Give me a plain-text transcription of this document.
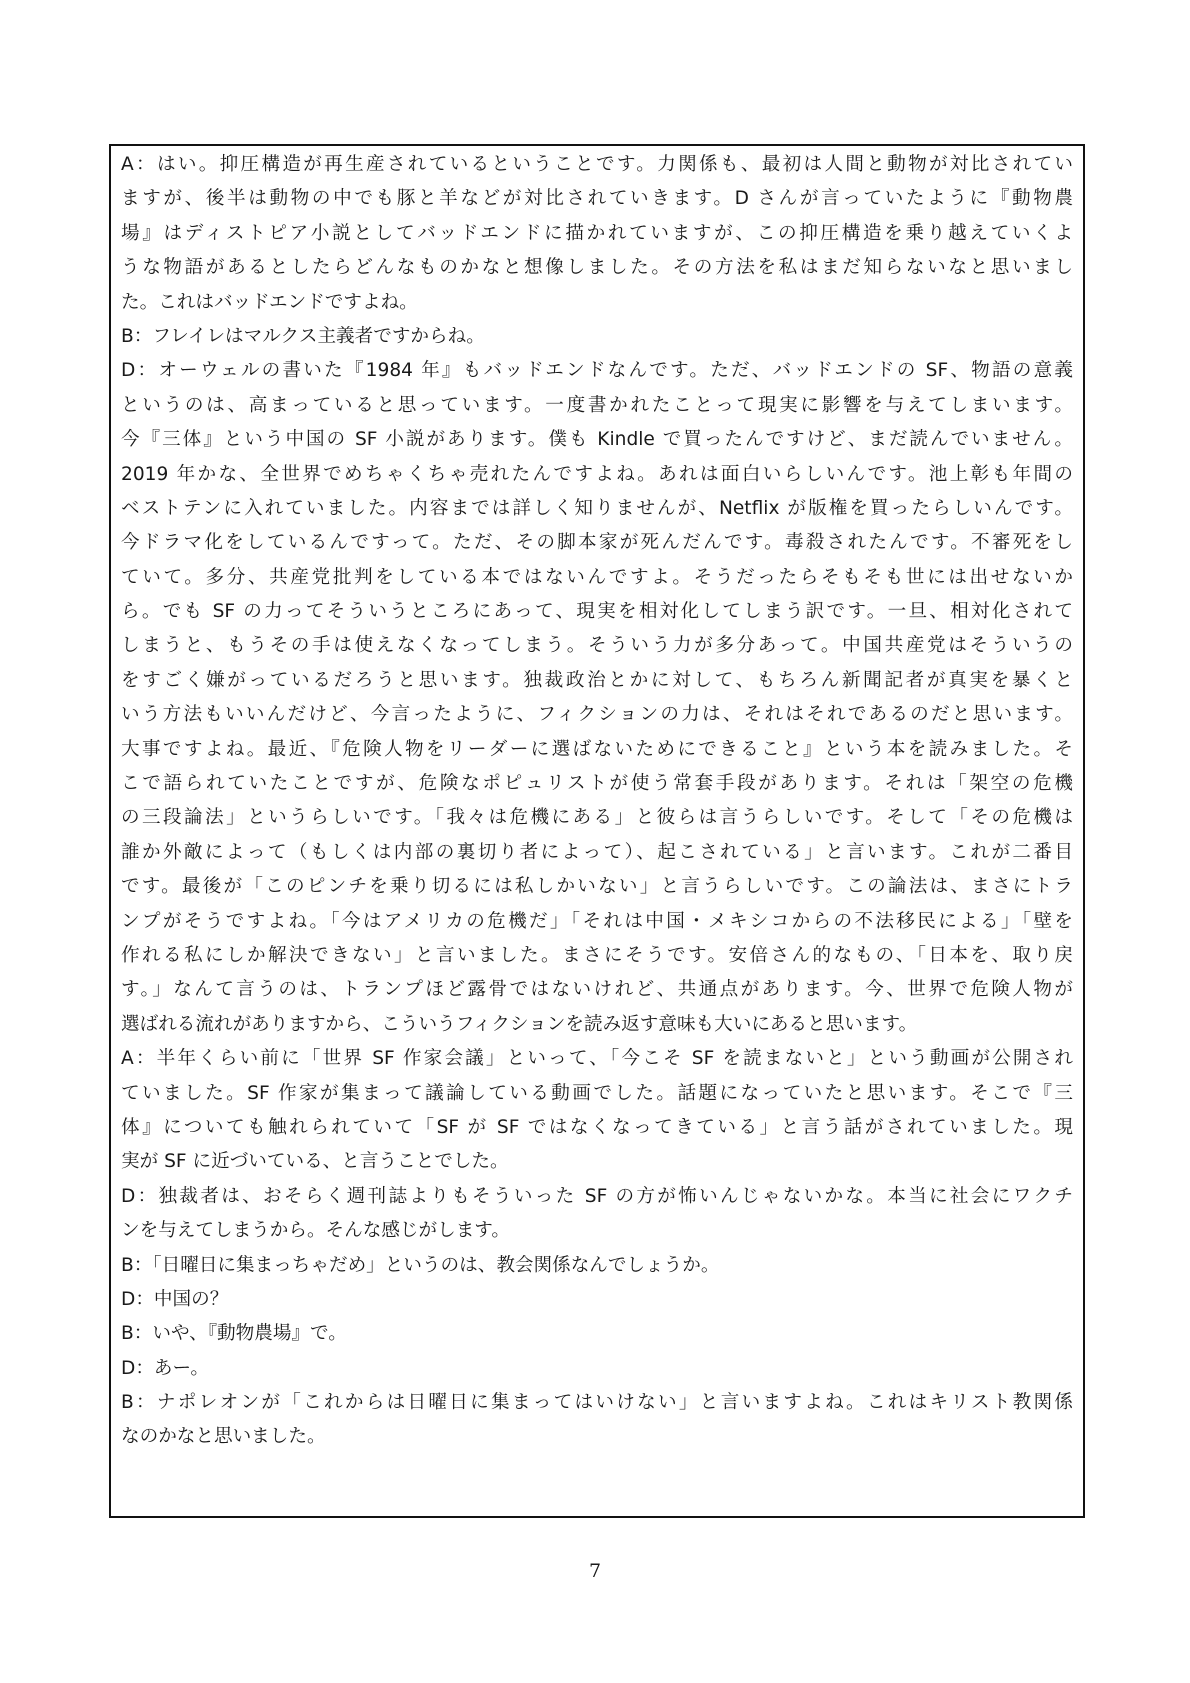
A：はい。抑圧構造が再生産されているということです。力関係も、最初は人間と動物が対比されてい
ますが、後半は動物の中でも豚と羊などが対比されていきます。D さんが言っていたように『動物農
場』はディストピア小説としてバッドエンドに描かれていますが、この抑圧構造を乗り越えていくよ
うな物語があるとしたらどんなものかなと想像しました。その方法を私はまだ知らないなと思いまし
た。これはバッドエンドですよね。
B：フレイレはマルクス主義者ですからね。
D：オーウェルの書いた『1984 年』もバッドエンドなんです。ただ、バッドエンドの SF、物語の意義
というのは、高まっていると思っています。一度書かれたことって現実に影響を与えてしまいます。
今『三体』という中国の SF 小説があります。僕も Kindle で買ったんですけど、まだ読んでいません。
2019 年かな、全世界でめちゃくちゃ売れたんですよね。あれは面白いらしいんです。池上彰も年間の
ベストテンに入れていました。内容までは詳しく知りませんが、Netflix が版権を買ったらしいんです。
今ドラマ化をしているんですって。ただ、その脚本家が死んだんです。毒殺されたんです。不審死をし
ていて。多分、共産党批判をしている本ではないんですよ。そうだったらそもそも世には出せないか
ら。でも SF の力ってそういうところにあって、現実を相対化してしまう訳です。一旦、相対化されて
しまうと、もうその手は使えなくなってしまう。そういう力が多分あって。中国共産党はそういうの
をすごく嫌がっているだろうと思います。独裁政治とかに対して、もちろん新聞記者が真実を暴くと
いう方法もいいんだけど、今言ったように、フィクションの力は、それはそれであるのだと思います。
大事ですよね。最近、『危険人物をリーダーに選ばないためにできること』という本を読みました。そ
こで語られていたことですが、危険なポピュリストが使う常套手段があります。それは「架空の危機
の三段論法」というらしいです。「我々は危機にある」と彼らは言うらしいです。そして「その危機は
誰か外敵によって（もしくは内部の裏切り者によって）、起こされている」と言います。これが二番目
です。最後が「このピンチを乗り切るには私しかいない」と言うらしいです。この論法は、まさにトラ
ンプがそうですよね。「今はアメリカの危機だ」「それは中国・メキシコからの不法移民による」「壁を
作れる私にしか解決できない」と言いました。まさにそうです。安倍さん的なもの、「日本を、取り戻
す。」なんて言うのは、トランプほど露骨ではないけれど、共通点があります。今、世界で危険人物が
選ばれる流れがありますから、こういうフィクションを読み返す意味も大いにあると思います。
A：半年くらい前に「世界 SF 作家会議」といって、「今こそ SF を読まないと」という動画が公開され
ていました。SF 作家が集まって議論している動画でした。話題になっていたと思います。そこで『三
体』についても触れられていて「SF が SF ではなくなってきている」と言う話がされていました。現
実が SF に近づいている、と言うことでした。
D：独裁者は、おそらく週刊誌よりもそういった SF の方が怖いんじゃないかな。本当に社会にワクチ
ンを与えてしまうから。そんな感じがします。
B：「日曜日に集まっちゃだめ」というのは、教会関係なんでしょうか。
D：中国の？
B：いや、『動物農場』で。
D：あー。
B：ナポレオンが「これからは日曜日に集まってはいけない」と言いますよね。これはキリスト教関係
なのかなと思いました。
7
